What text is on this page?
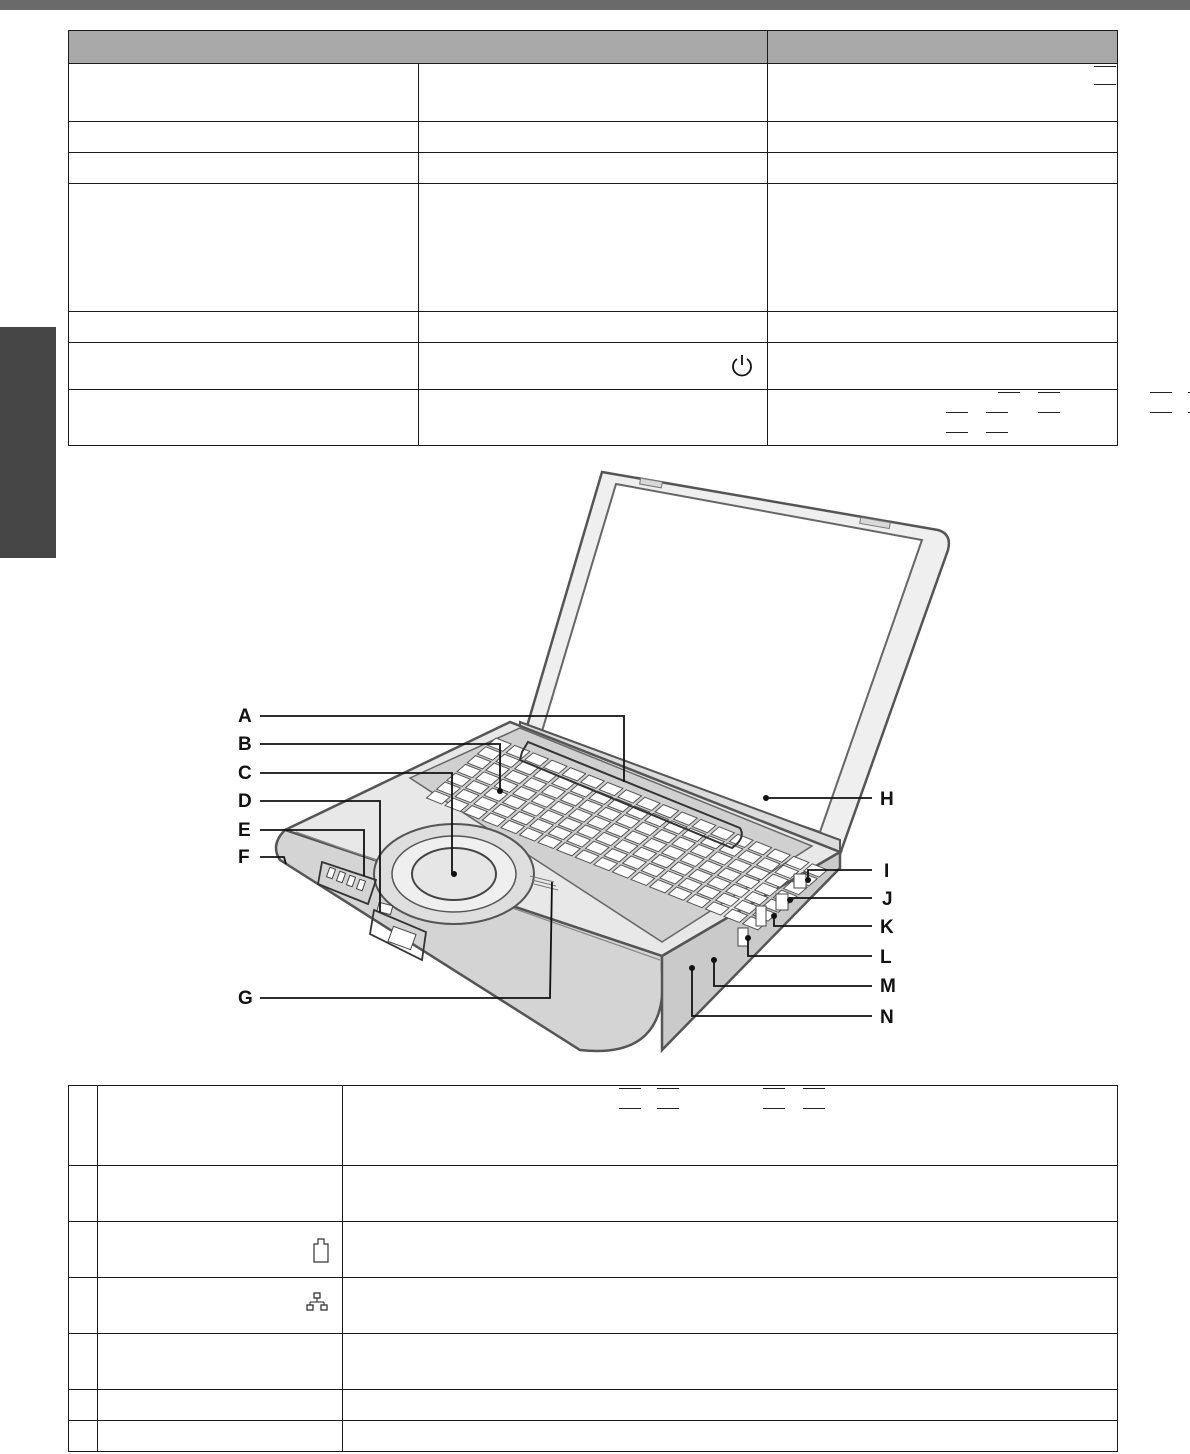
A
B
C
D
E
F
G
H
I
J
K
L
M
N
